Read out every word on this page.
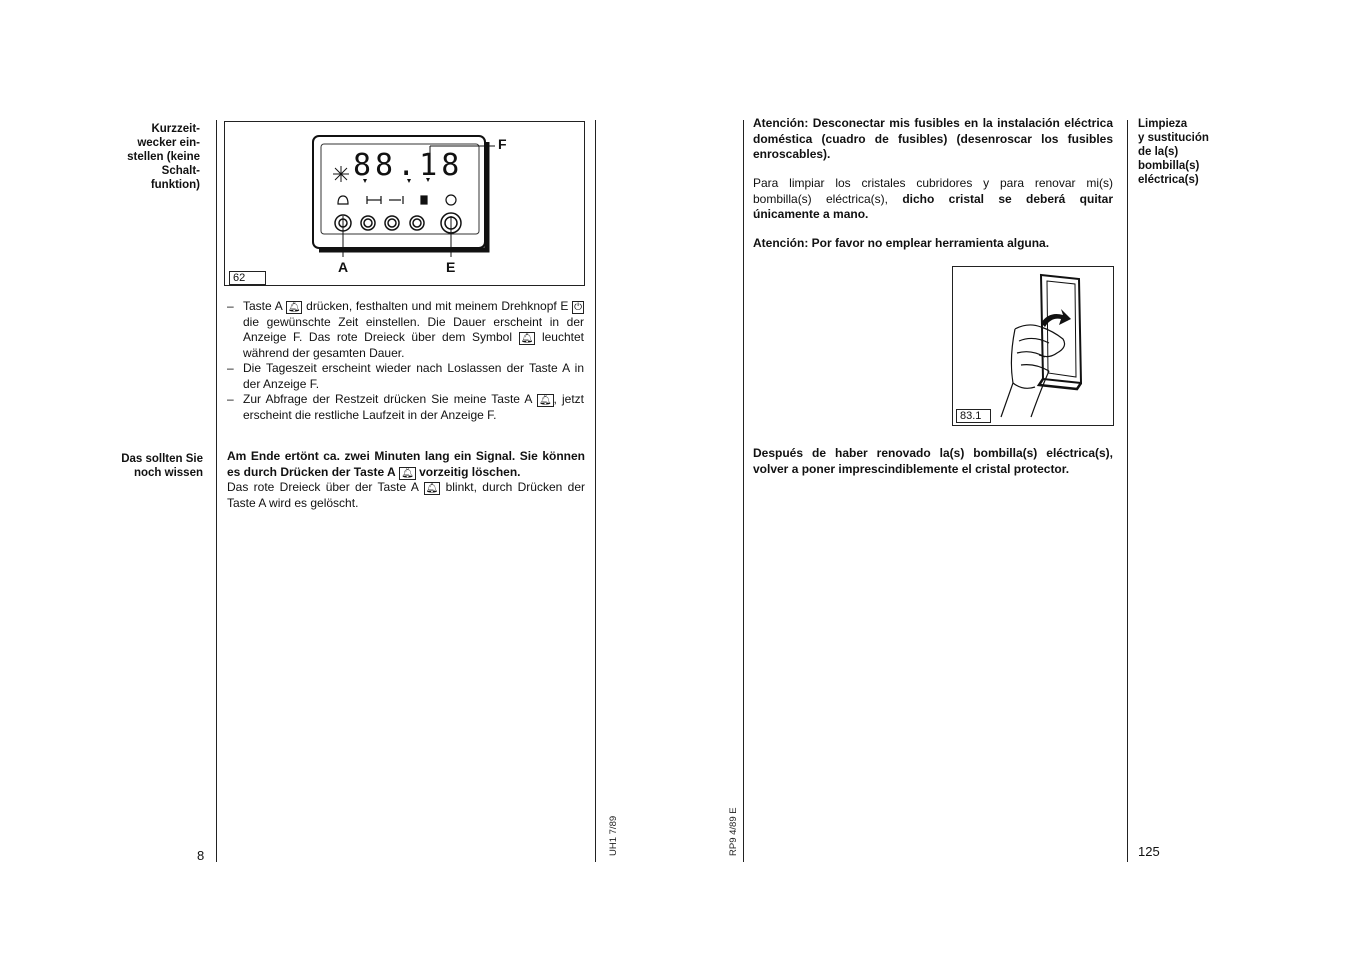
Kurzzeit-
wecker ein-
stellen (keine
Schalt-
funktion)
88.18
F
A	E
62
– Taste A 🔔︎ drücken, festhalten und mit meinem Drehknopf E ⏻ die gewünschte Zeit einstellen. Die Dauer erscheint in der Anzeige F. Das rote Dreieck über dem Symbol 🔔︎ leuchtet während der gesamten Dauer.
– Die Tageszeit erscheint wieder nach Loslassen der Taste A in der Anzeige F.
– Zur Abfrage der Restzeit drücken Sie meine Taste A 🔔︎ , jetzt erscheint die restliche Laufzeit in der Anzeige F.
Das sollten Sie
noch wissen
Am Ende ertönt ca. zwei Minuten lang ein Signal. Sie können es durch Drücken der Taste A 🔔︎ vorzeitig löschen.
Das rote Dreieck über der Taste A 🔔︎ blinkt, durch Drücken der Taste A wird es gelöscht.
8	UH1 7/89	RP9 4/89 E
Atención: Desconectar mis fusibles en la instalación eléctrica doméstica (cuadro de fusibles) (desenroscar los fusibles enroscables).
Para limpiar los cristales cubridores y para renovar mi(s) bombilla(s) eléctrica(s), dicho cristal se deberá quitar únicamente a mano.
Atención: Por favor no emplear herramienta alguna.
83.1
Después de haber renovado la(s) bombilla(s) eléctrica(s), volver a poner imprescindiblemente el cristal protector.
Limpieza
y sustitución
de la(s)
bombilla(s)
eléctrica(s)
125
